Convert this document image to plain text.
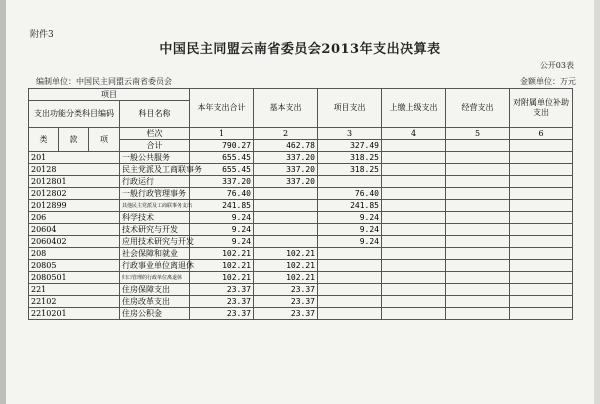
附件3
中国民主同盟云南省委员会2013年支出决算表
公开03表
编制单位：中国民主同盟云南省委员会	金额单位：万元
项目				本年支出合计	基本支出	项目支出	上缴上级支出	经营支出	对附属单位补助支出
支出功能分类科目编码			科目名称						

类	款	项	栏次	1	2	3	4	5	6
			合计	790.27	462.78	327.49			
201			一般公共服务	655.45	337.20	318.25			
20128			民主党派及工商联事务	655.45	337.20	318.25			
2012801			行政运行	337.20	337.20				
2012802			一般行政管理事务	76.40		76.40			
2012899			其他民主党派及工商联事务支出	241.85		241.85			
206			科学技术	9.24		9.24			
20604			技术研究与开发	9.24		9.24			
2060402			应用技术研究与开发	9.24		9.24			
208			社会保障和就业	102.21	102.21				
20805			行政事业单位离退休	102.21	102.21				
2080501			归口管理的行政单位离退休	102.21	102.21				
221			住房保障支出	23.37	23.37				
22102			住房改革支出	23.37	23.37				
2210201			住房公积金	23.37	23.37				
